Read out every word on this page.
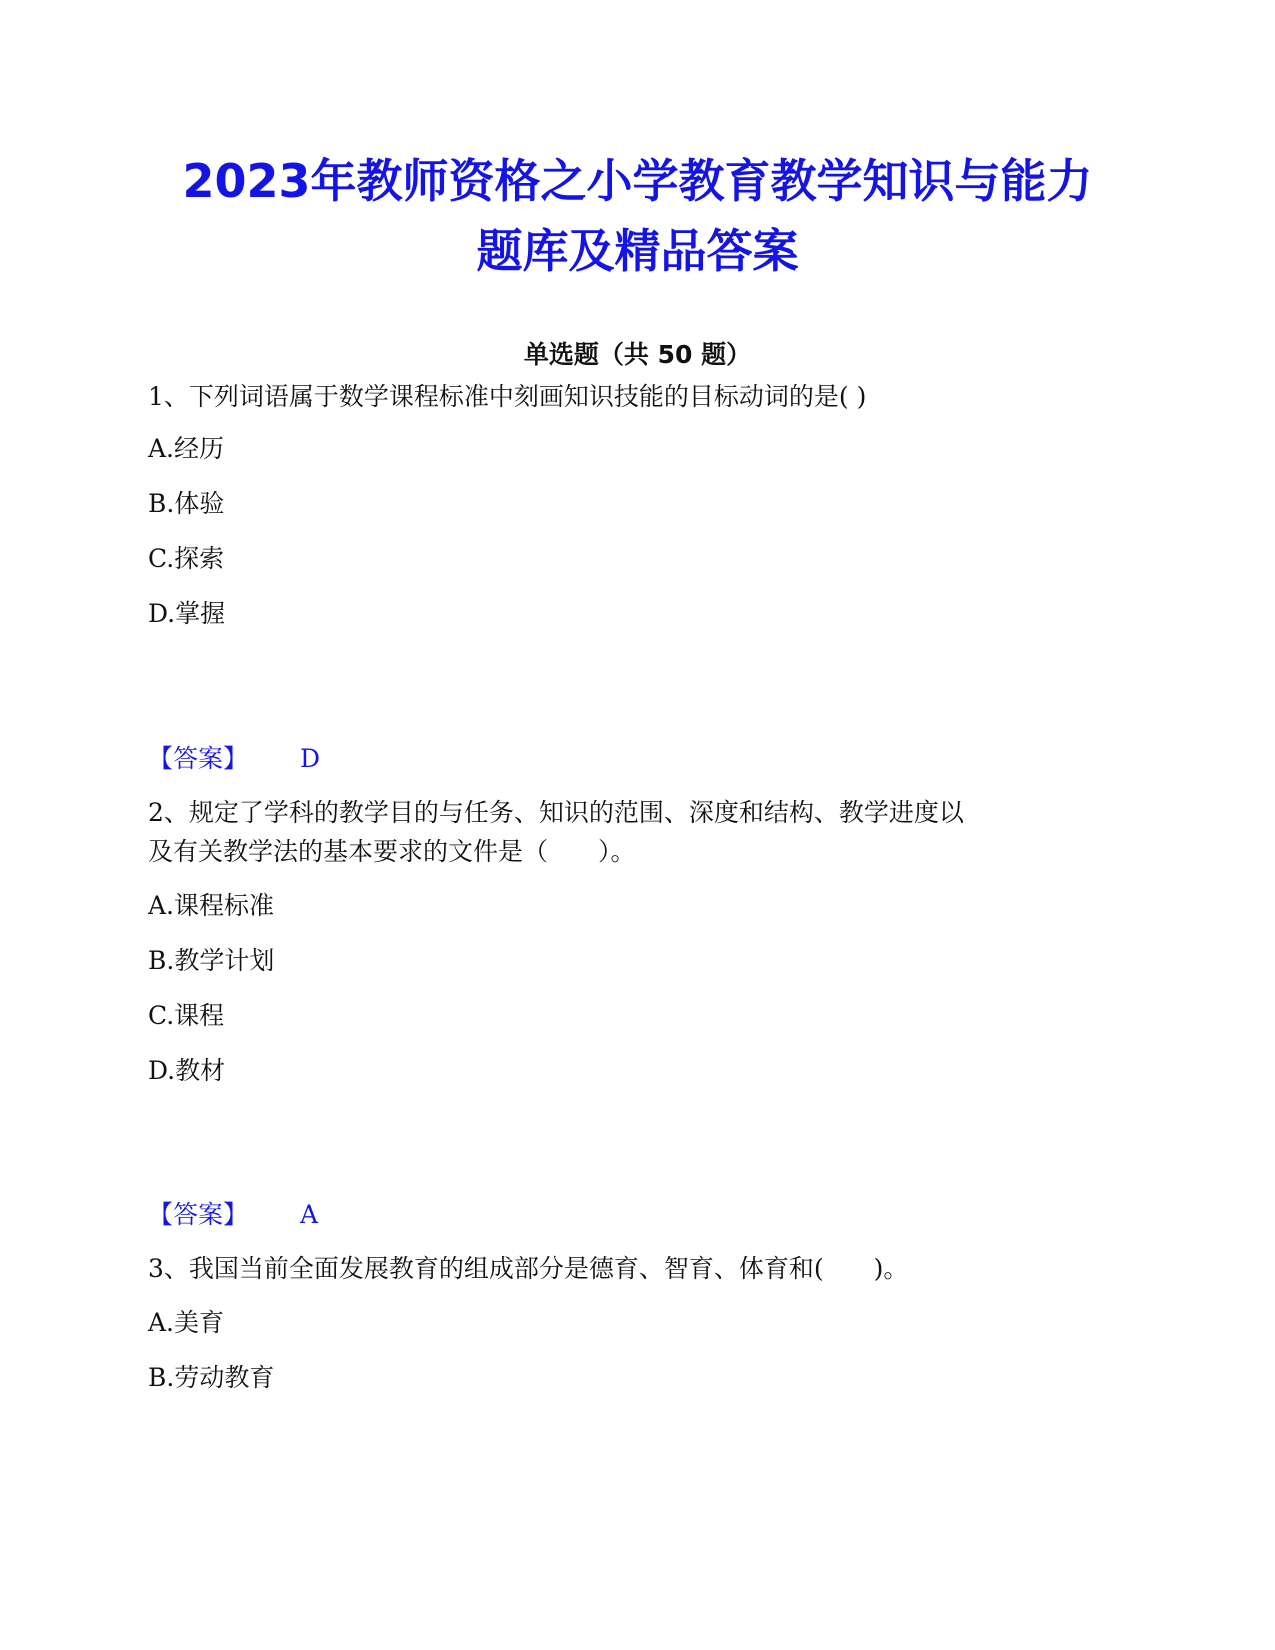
2023年教师资格之小学教育教学知识与能力
题库及精品答案
单选题（共 50 题）
1、下列词语属于数学课程标准中刻画知识技能的目标动词的是( )
A.经历
B.体验
C.探索
D.掌握
【答案】 D
2、规定了学科的教学目的与任务、知识的范围、深度和结构、教学进度以
及有关教学法的基本要求的文件是（　　）。
A.课程标准
B.教学计划
C.课程
D.教材
【答案】 A
3、我国当前全面发展教育的组成部分是德育、智育、体育和(　　)。
A.美育
B.劳动教育
